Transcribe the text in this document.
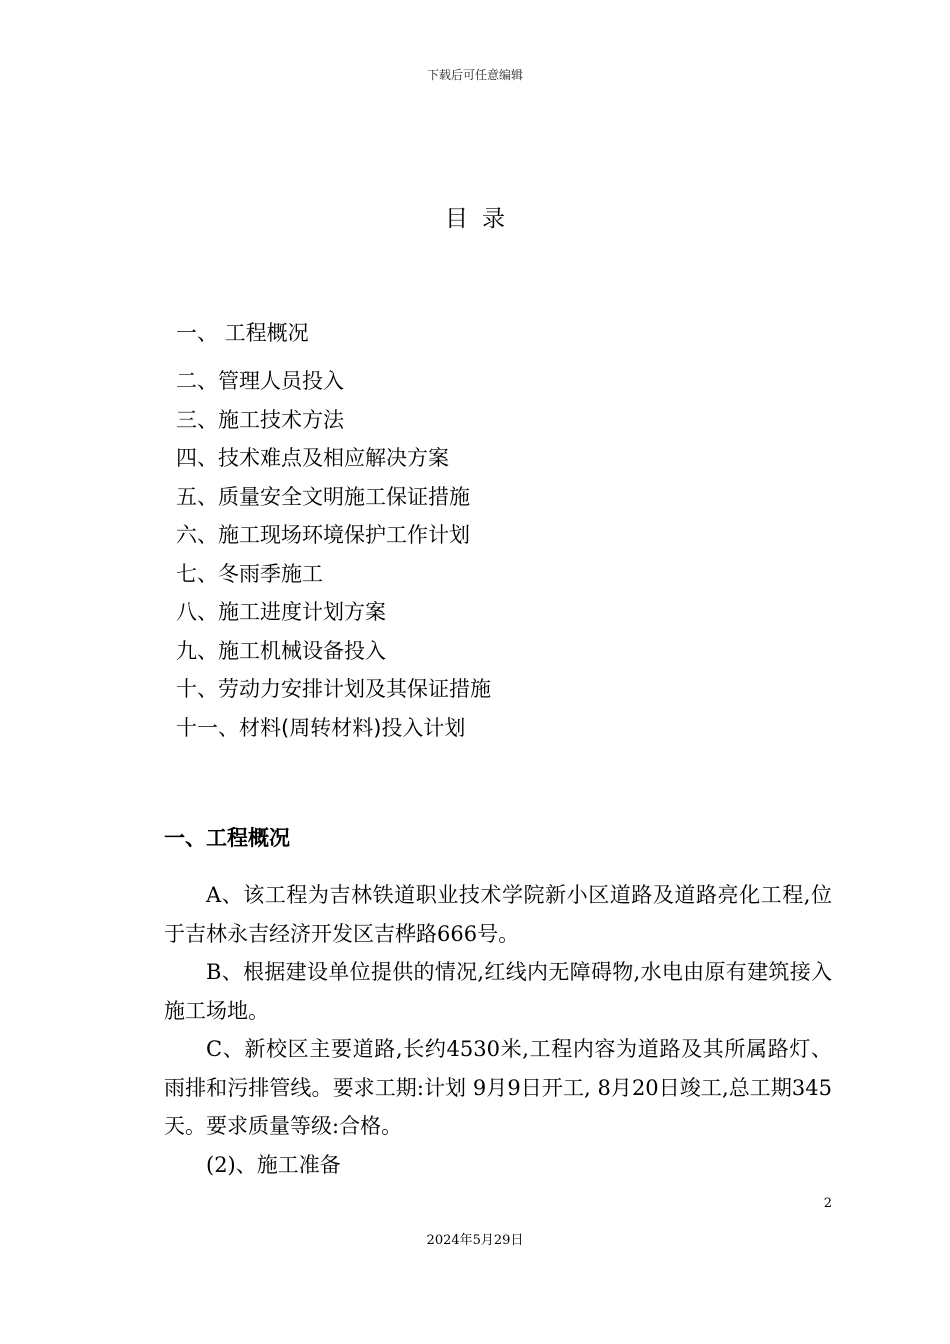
下载后可任意编辑
目录
一、 工程概况
二、管理人员投入
三、施工技术方法
四、技术难点及相应解决方案
五、质量安全文明施工保证措施
六、施工现场环境保护工作计划
七、冬雨季施工
八、施工进度计划方案
九、施工机械设备投入
十、劳动力安排计划及其保证措施
十一、材料(周转材料)投入计划
一、工程概况

A、该工程为吉林铁道职业技术学院新小区道路及道路亮化工程,位于吉林永吉经济开发区吉桦路666号。

B、根据建设单位提供的情况,红线内无障碍物,水电由原有建筑接入施工场地。

C、新校区主要道路,长约4530米,工程内容为道路及其所属路灯、雨排和污排管线。要求工期:计划 9月9日开工, 8月20日竣工,总工期345天。要求质量等级:合格。

(2)、施工准备

2
2024年5月29日
